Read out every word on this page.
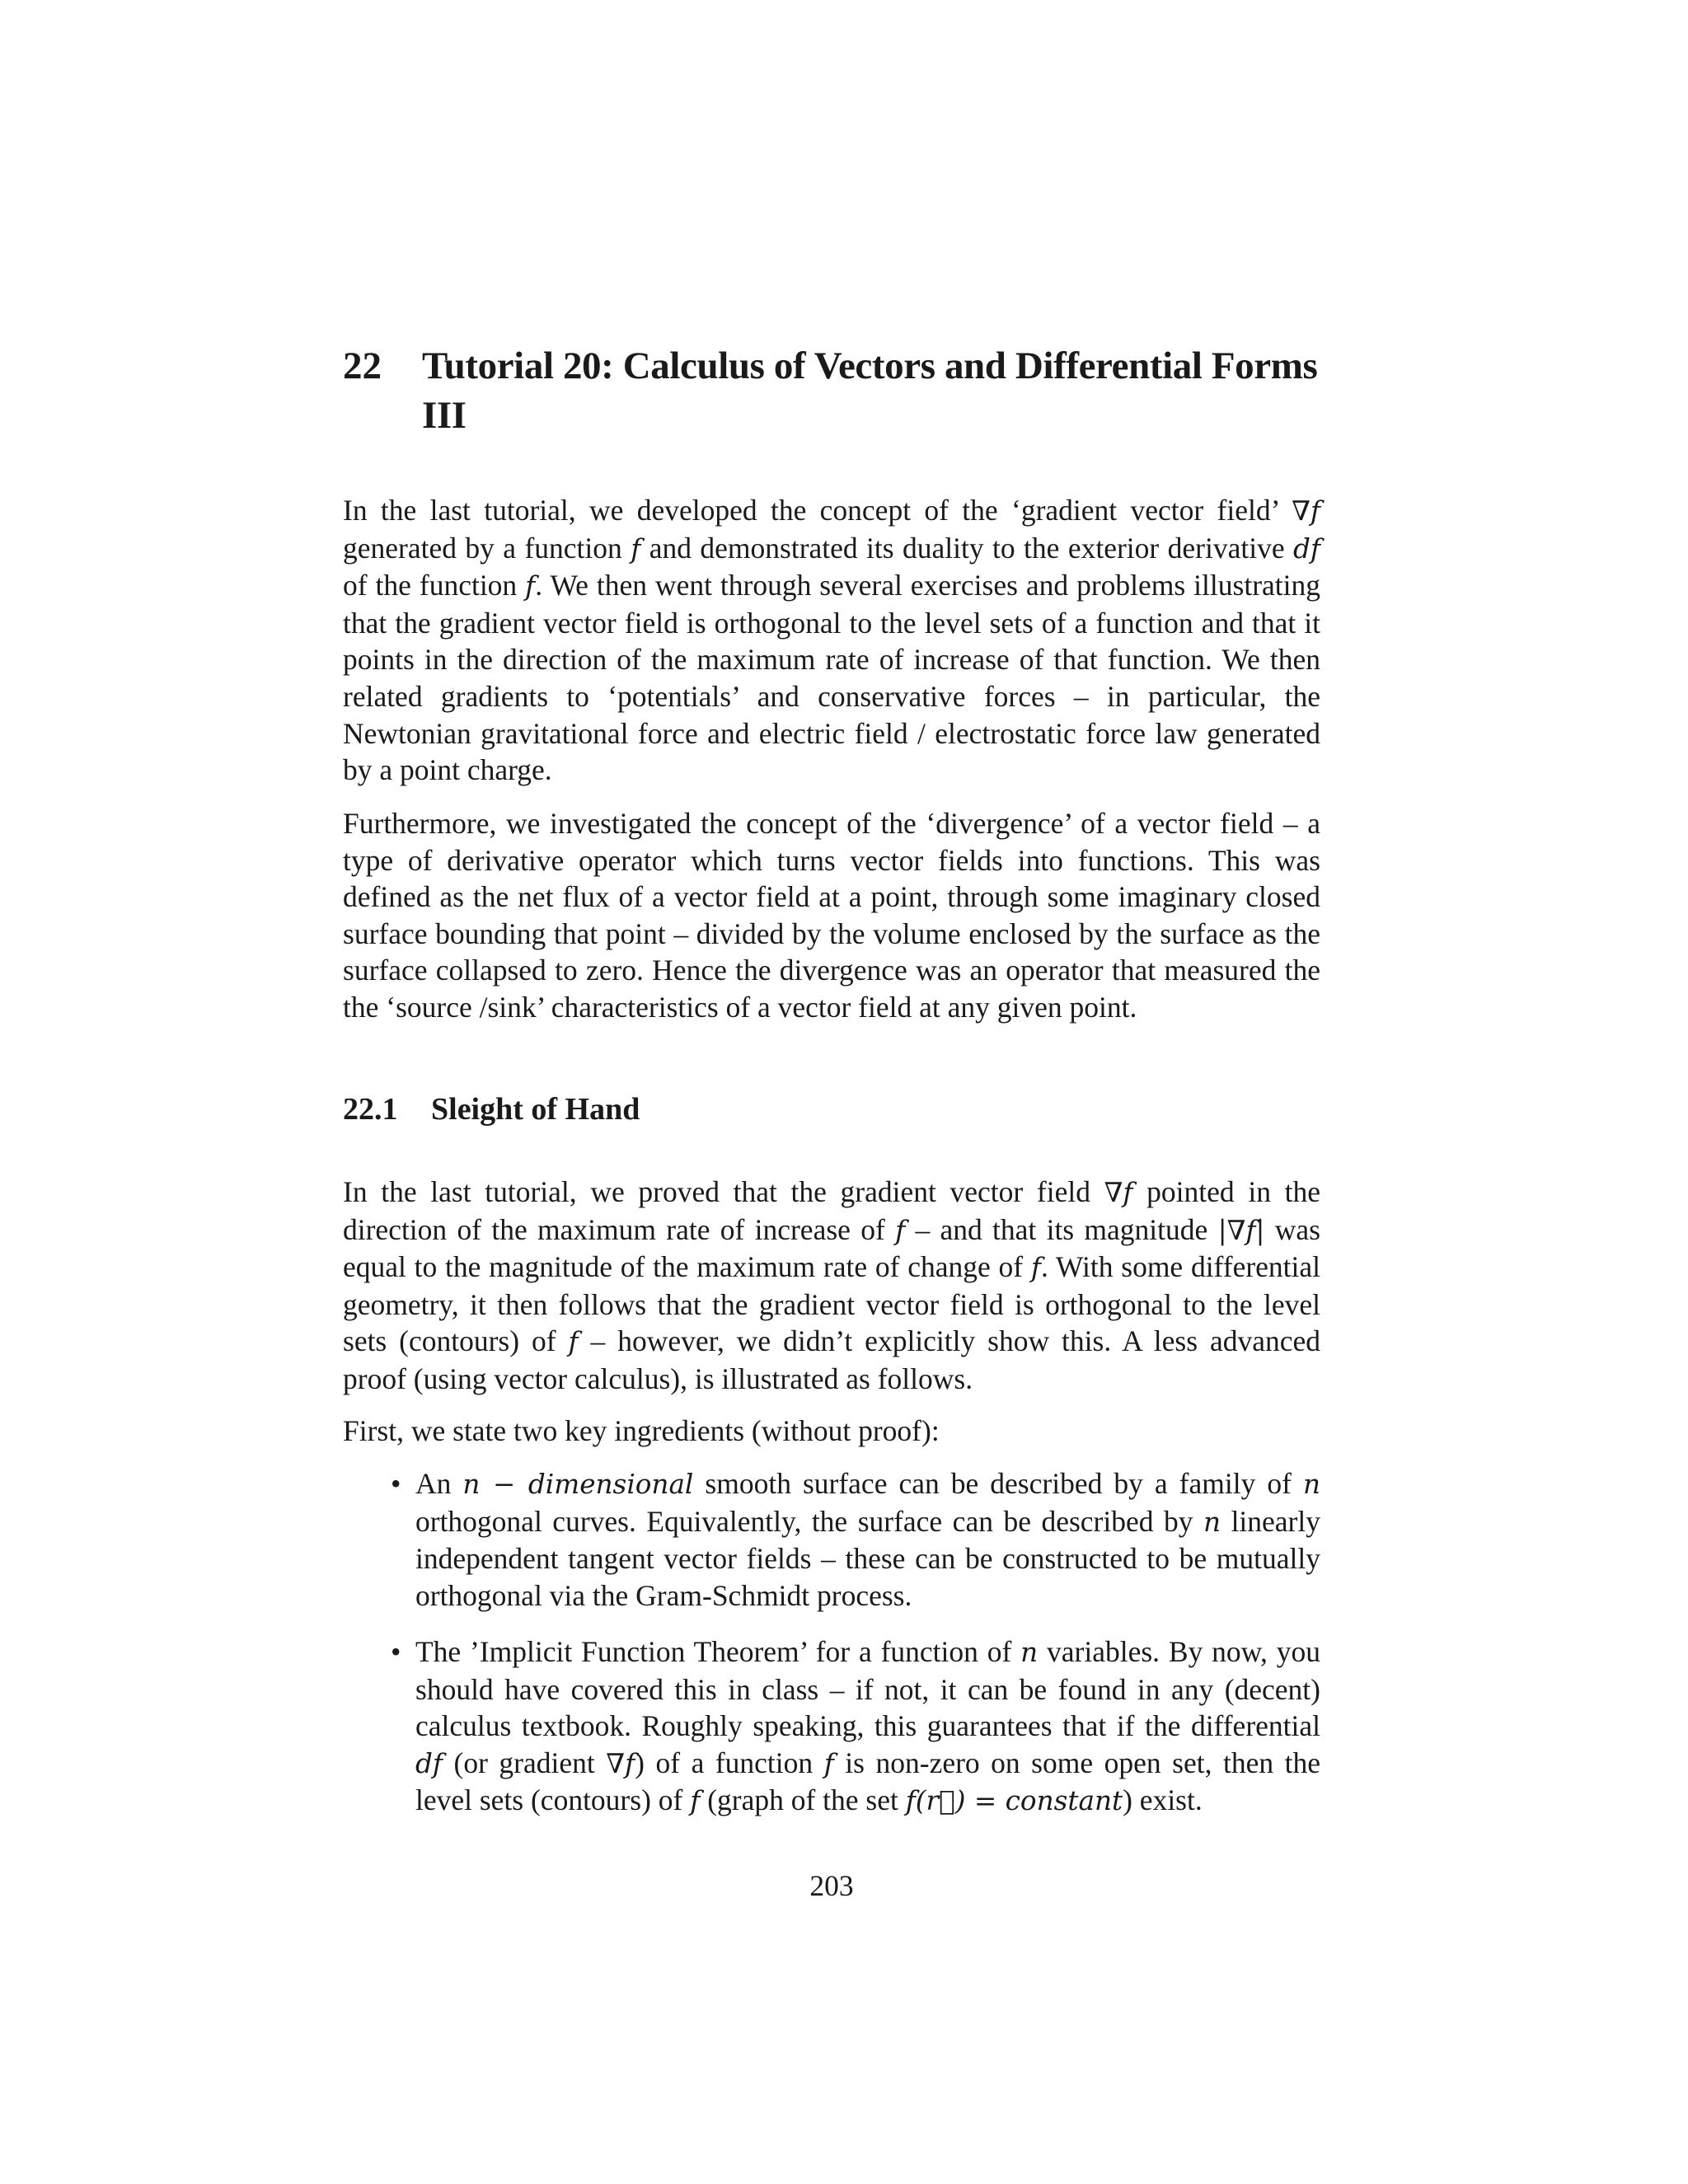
22	Tutorial 20: Calculus of Vectors and Differential Forms III

In the last tutorial, we developed the concept of the ‘gradient vector field’ ∇f generated by a function f and demonstrated its duality to the exterior derivative df of the function f. We then went through several exercises and problems illustrating that the gradient vector field is orthogonal to the level sets of a function and that it points in the direction of the maximum rate of increase of that function. We then related gradients to ‘potentials’ and conservative forces – in particular, the Newtonian gravitational force and electric field / electrostatic force law generated by a point charge.

Furthermore, we investigated the concept of the ‘divergence’ of a vector field – a type of derivative operator which turns vector fields into functions. This was defined as the net flux of a vector field at a point, through some imaginary closed surface bounding that point – divided by the volume enclosed by the surface as the surface collapsed to zero. Hence the divergence was an operator that measured the the ‘source /sink’ characteristics of a vector field at any given point.

22.1	Sleight of Hand

In the last tutorial, we proved that the gradient vector field ∇f pointed in the direction of the maximum rate of increase of f – and that its magnitude |∇f| was equal to the magnitude of the maximum rate of change of f. With some differential geometry, it then follows that the gradient vector field is orthogonal to the level sets (contours) of f – however, we didn’t explicitly show this. A less advanced proof (using vector calculus), is illustrated as follows.

First, we state two key ingredients (without proof):

• An n − dimensional smooth surface can be described by a family of n orthogonal curves. Equivalently, the surface can be described by n linearly independent tangent vector fields – these can be constructed to be mutually orthogonal via the Gram-Schmidt process.
• The ’Implicit Function Theorem’ for a function of n variables. By now, you should have covered this in class – if not, it can be found in any (decent) calculus textbook. Roughly speaking, this guarantees that if the differential df (or gradient ∇f) of a function f is non-zero on some open set, then the level sets (contours) of f (graph of the set f(r⃗) = constant) exist.
203
